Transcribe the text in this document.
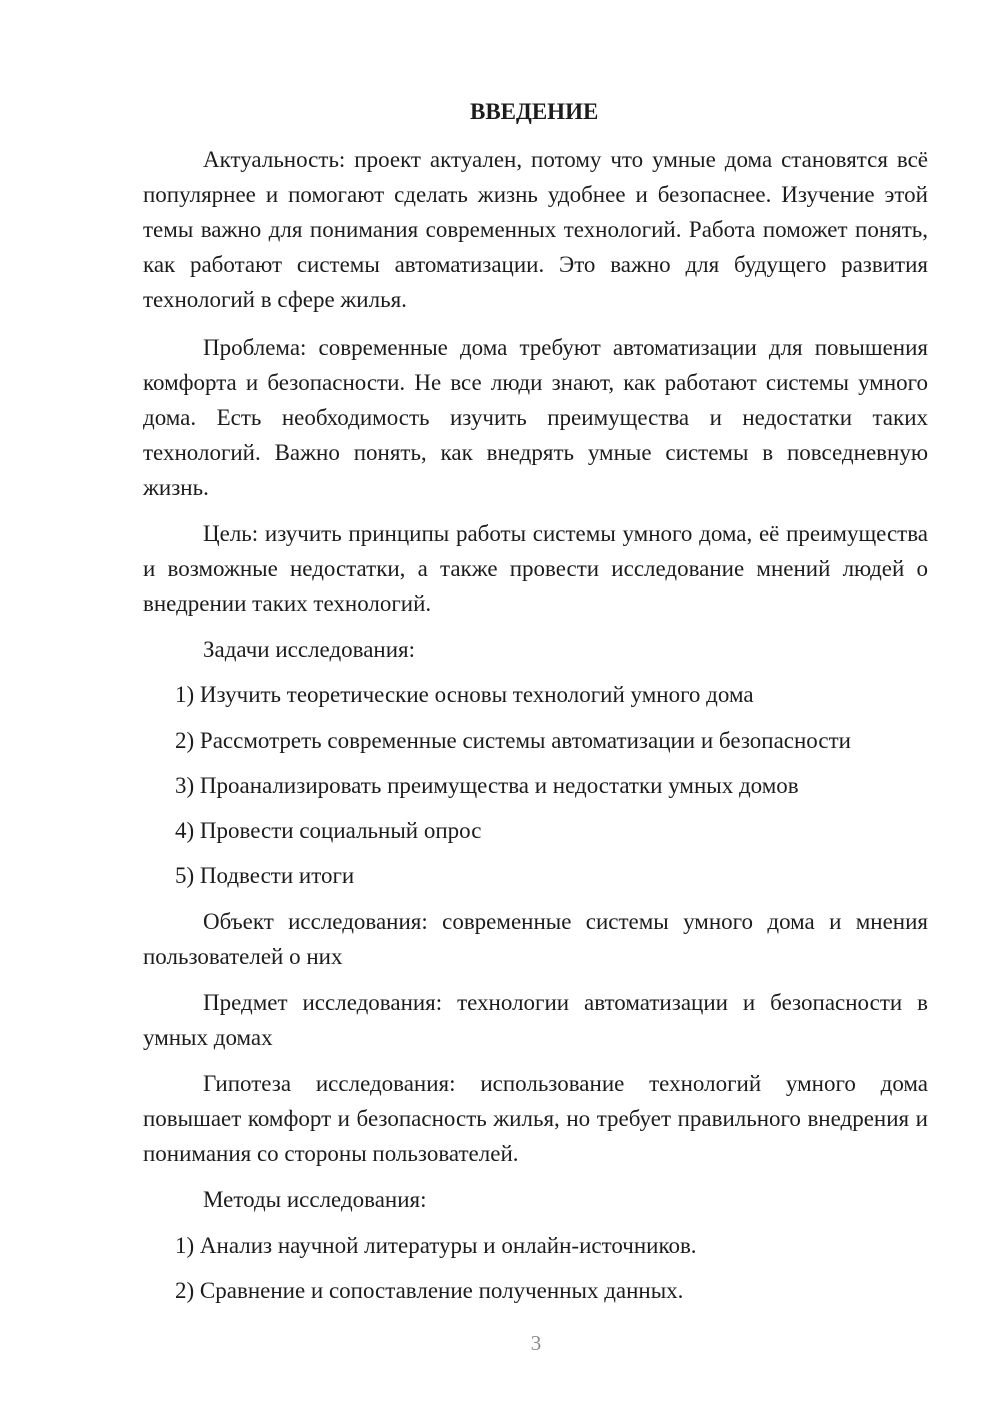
ВВЕДЕНИЕ

Актуальность: проект актуален, потому что умные дома становятся всё популярнее и помогают сделать жизнь удобнее и безопаснее. Изучение этой темы важно для понимания современных технологий. Работа поможет понять, как работают системы автоматизации. Это важно для будущего развития технологий в сфере жилья.

Проблема: современные дома требуют автоматизации для повышения комфорта и безопасности. Не все люди знают, как работают системы умного дома. Есть необходимость изучить преимущества и недостатки таких технологий. Важно понять, как внедрять умные системы в повседневную жизнь.

Цель: изучить принципы работы системы умного дома, её преимущества и возможные недостатки, а также провести исследование мнений людей о внедрении таких технологий.

Задачи исследования:

1) Изучить теоретические основы технологий умного дома

2) Рассмотреть современные системы автоматизации и безопасности

3) Проанализировать преимущества и недостатки умных домов

4) Провести социальный опрос

5) Подвести итоги

Объект исследования: современные системы умного дома и мнения пользователей о них

Предмет исследования: технологии автоматизации и безопасности в умных домах

Гипотеза исследования: использование технологий умного дома повышает комфорт и безопасность жилья, но требует правильного внедрения и понимания со стороны пользователей.

Методы исследования:

1) Анализ научной литературы и онлайн-источников.

2) Сравнение и сопоставление полученных данных.

3
